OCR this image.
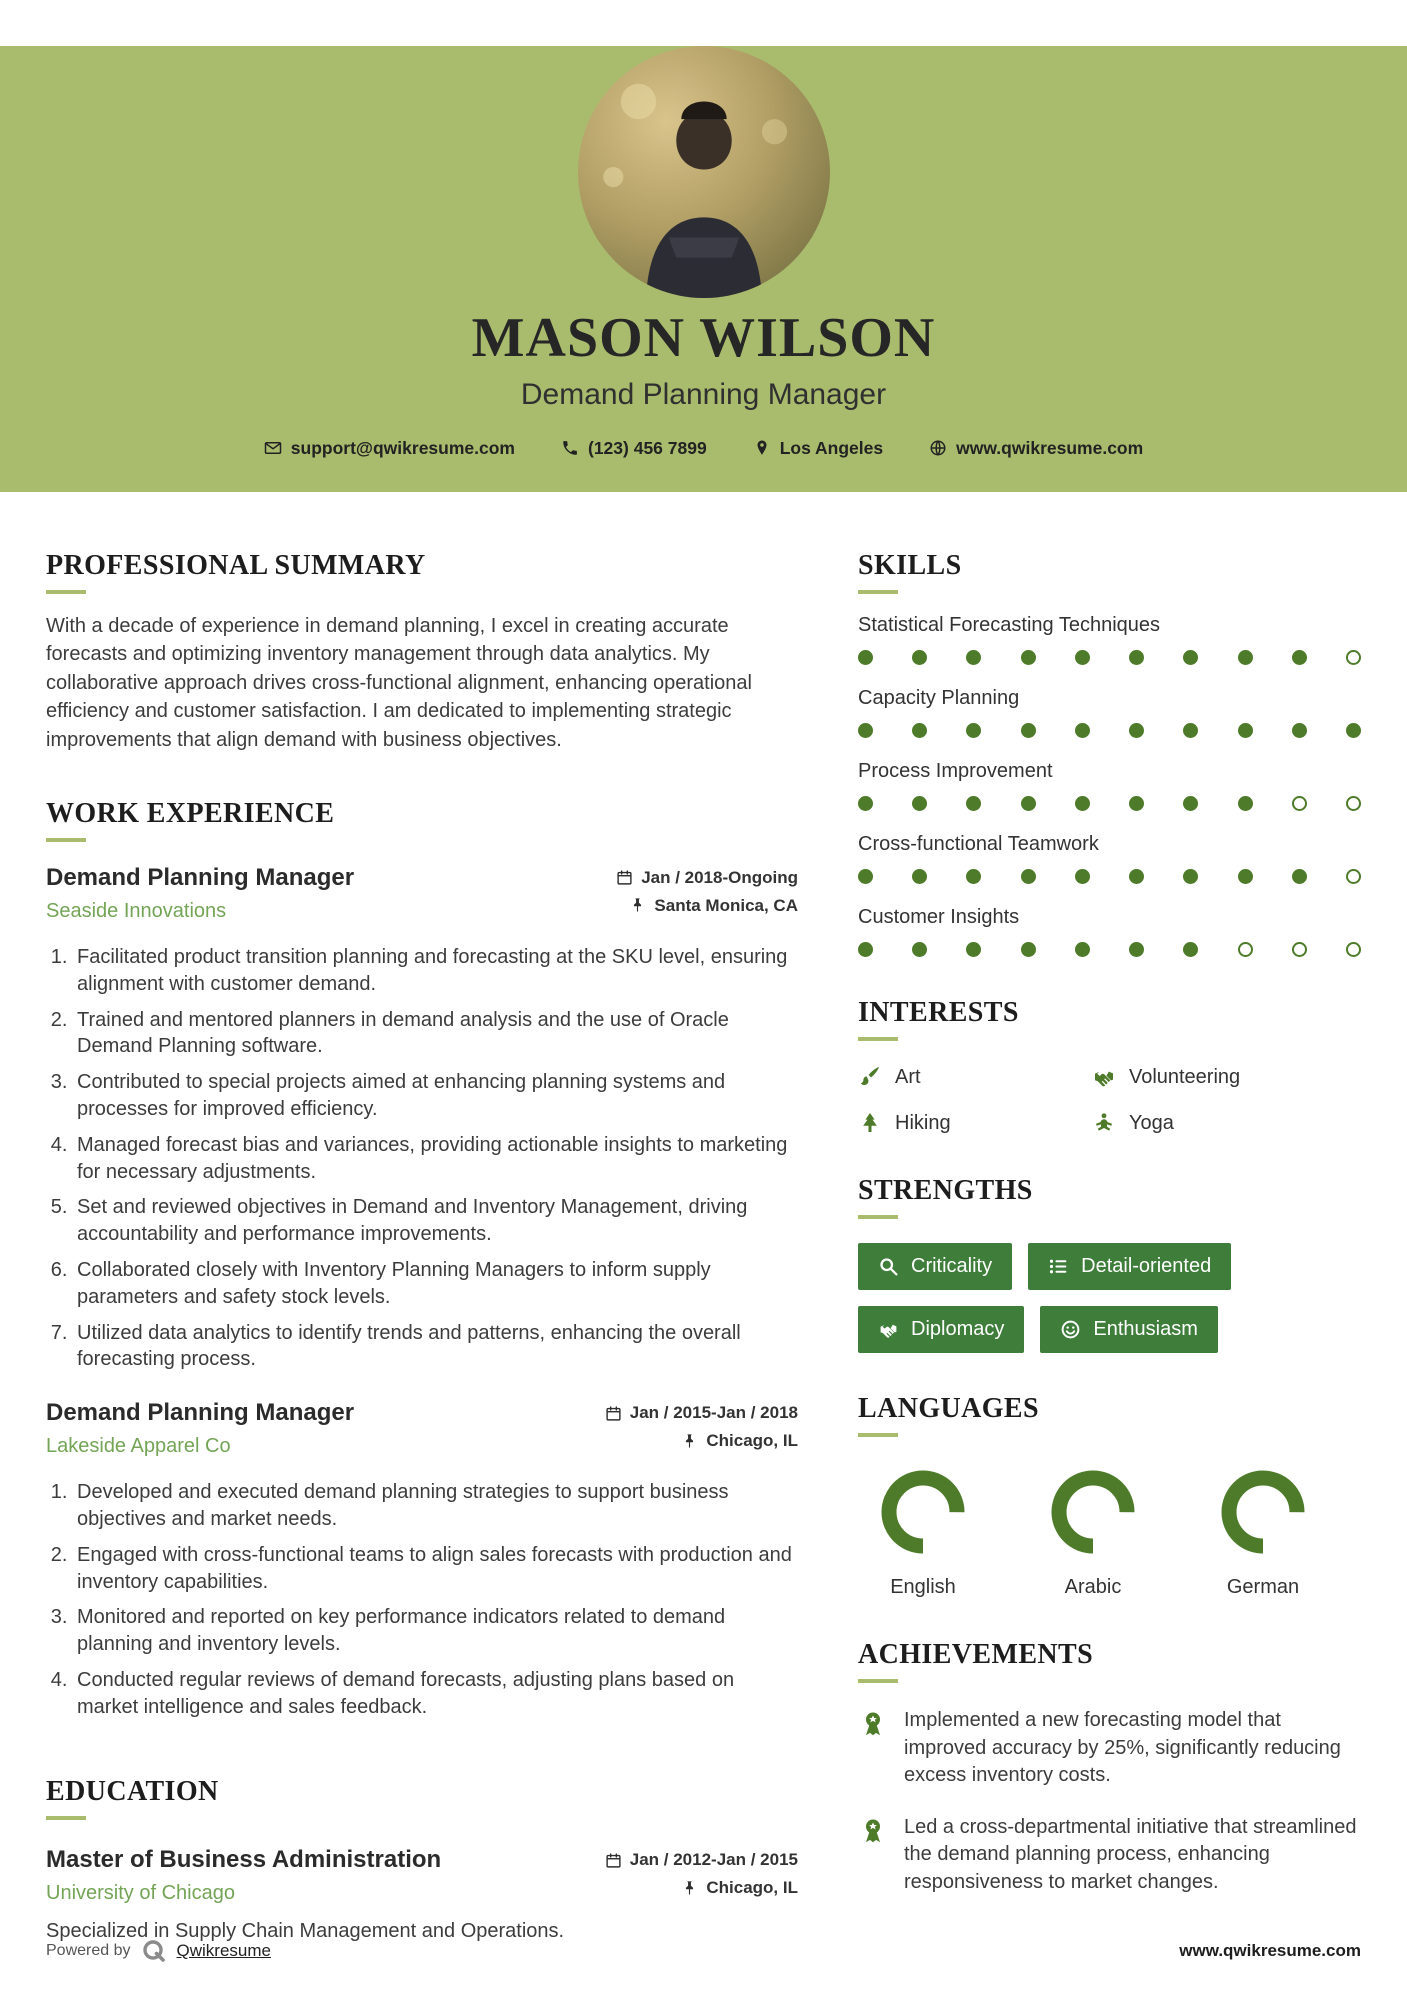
MASON WILSON
Demand Planning Manager
support@qwikresume.com	(123) 456 7899	Los Angeles	www.qwikresume.com
PROFESSIONAL SUMMARY

With a decade of experience in demand planning, I excel in creating accurate forecasts and optimizing inventory management through data analytics. My collaborative approach drives cross-functional alignment, enhancing operational efficiency and customer satisfaction. I am dedicated to implementing strategic improvements that align demand with business objectives.

WORK EXPERIENCE
Demand Planning Manager
Seaside Innovations
Jan / 2018-Ongoing
Santa Monica, CA
1. Facilitated product transition planning and forecasting at the SKU level, ensuring alignment with customer demand.
2. Trained and mentored planners in demand analysis and the use of Oracle Demand Planning software.
3. Contributed to special projects aimed at enhancing planning systems and processes for improved efficiency.
4. Managed forecast bias and variances, providing actionable insights to marketing for necessary adjustments.
5. Set and reviewed objectives in Demand and Inventory Management, driving accountability and performance improvements.
6. Collaborated closely with Inventory Planning Managers to inform supply parameters and safety stock levels.
7. Utilized data analytics to identify trends and patterns, enhancing the overall forecasting process.
Demand Planning Manager
Lakeside Apparel Co
Jan / 2015-Jan / 2018
Chicago, IL
1. Developed and executed demand planning strategies to support business objectives and market needs.
2. Engaged with cross-functional teams to align sales forecasts with production and inventory capabilities.
3. Monitored and reported on key performance indicators related to demand planning and inventory levels.
4. Conducted regular reviews of demand forecasts, adjusting plans based on market intelligence and sales feedback.
EDUCATION
Master of Business Administration
University of Chicago
Jan / 2012-Jan / 2015
Chicago, IL

Specialized in Supply Chain Management and Operations.

SKILLS
Statistical Forecasting Techniques
Capacity Planning
Process Improvement
Cross-functional Teamwork
Customer Insights
INTERESTS
Art	Volunteering
Hiking	Yoga
STRENGTHS
Criticality	Detail-oriented
Diplomacy	Enthusiasm
LANGUAGES
English	Arabic	German
ACHIEVEMENTS

Implemented a new forecasting model that improved accuracy by 25%, significantly reducing excess inventory costs.

Led a cross-departmental initiative that streamlined the demand planning process, enhancing responsiveness to market changes.

Powered by	Qwikresume	www.qwikresume.com
